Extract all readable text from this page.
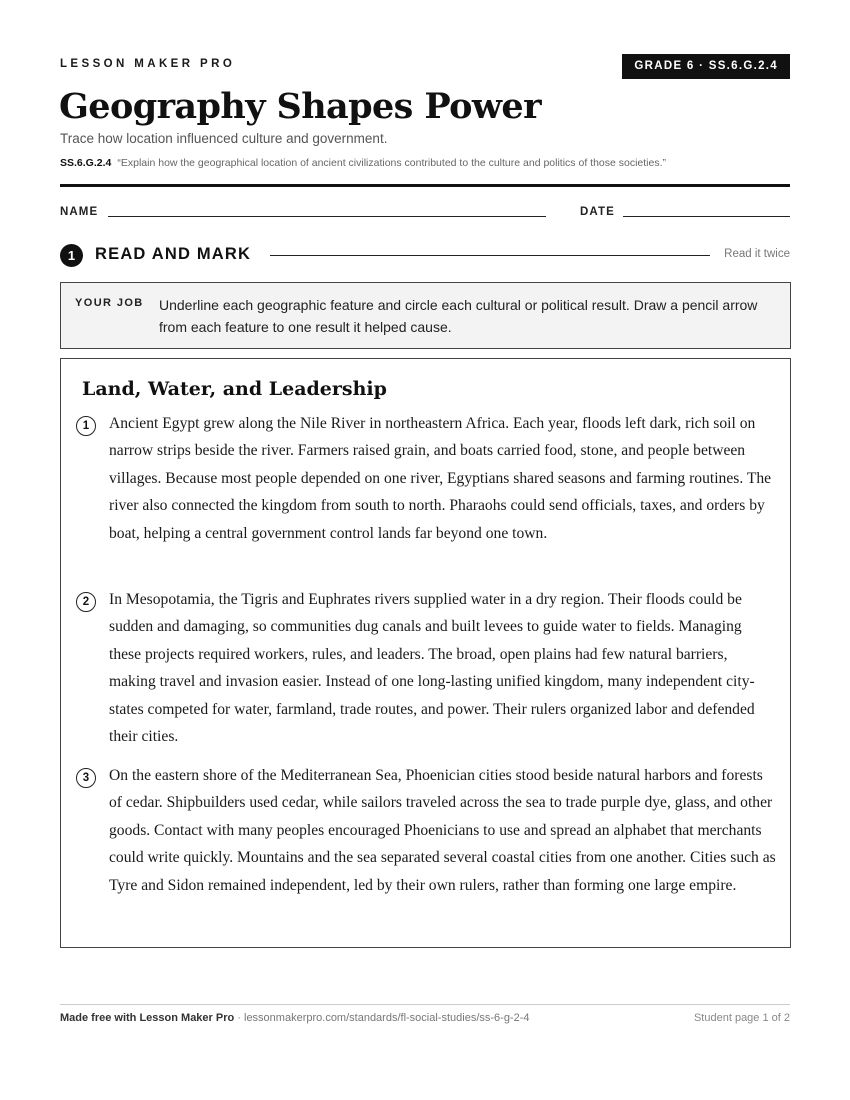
LESSON MAKER PRO	GRADE 6 · SS.6.G.2.4
Geography Shapes Power
Trace how location influenced culture and government.
SS.6.G.2.4 “Explain how the geographical location of ancient civilizations contributed to the culture and politics of those societies.”
NAME	DATE
1	READ AND MARK	Read it twice
YOUR JOB Underline each geographic feature and circle each cultural or political result. Draw a pencil arrow from each feature to one result it helped cause.
Land, Water, and Leadership
1	Ancient Egypt grew along the Nile River in northeastern Africa. Each year, floods left dark, rich soil on narrow strips beside the river. Farmers raised grain, and boats carried food, stone, and people between villages. Because most people depended on one river, Egyptians shared seasons and farming routines. The river also connected the kingdom from south to north. Pharaohs could send officials, taxes, and orders by boat, helping a central government control lands far beyond one town.

2	In Mesopotamia, the Tigris and Euphrates rivers supplied water in a dry region. Their floods could be sudden and damaging, so communities dug canals and built levees to guide water to fields. Managing these projects required workers, rules, and leaders. The broad, open plains had few natural barriers, making travel and invasion easier. Instead of one long-lasting unified kingdom, many independent city-states competed for water, farmland, trade routes, and power. Their rulers organized labor and defended their cities.

3	On the eastern shore of the Mediterranean Sea, Phoenician cities stood beside natural harbors and forests of cedar. Shipbuilders used cedar, while sailors traveled across the sea to trade purple dye, glass, and other goods. Contact with many peoples encouraged Phoenicians to use and spread an alphabet that merchants could write quickly. Mountains and the sea separated several coastal cities from one another. Cities such as Tyre and Sidon remained independent, led by their own rulers, rather than forming one large empire.

Made free with Lesson Maker Pro · lessonmakerpro.com/standards/fl-social-studies/ss-6-g-2-4	Student page 1 of 2
